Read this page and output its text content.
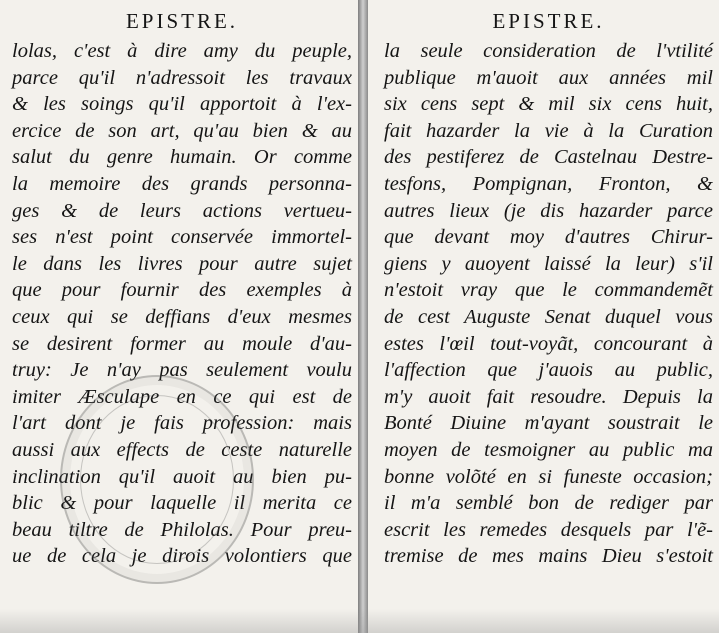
EPISTRE.
lolas, c'est à dire amy du peuple,
parce qu'il n'adressoit les travaux
& les soings qu'il apportoit à l'ex-
ercice de son art, qu'au bien & au
salut du genre humain. Or comme
la memoire des grands personna-
ges & de leurs actions vertueu-
ses n'est point conservée immortel-
le dans les livres pour autre sujet
que pour fournir des exemples à
ceux qui se deffians d'eux mesmes
se desirent former au moule d'au-
truy: Je n'ay pas seulement voulu
imiter Æsculape en ce qui est de
l'art dont je fais profession: mais
aussi aux effects de ceste naturelle
inclination qu'il auoit au bien pu-
blic & pour laquelle il merita ce
beau tiltre de Philolas. Pour preu-
ue de cela je dirois volontiers que
EPISTRE.
la seule consideration de l'vtilité
publique m'auoit aux années mil
six cens sept & mil six cens huit,
fait hazarder la vie à la Curation
des pestiferez de Castelnau Destre-
tesfons, Pompignan, Fronton, &
autres lieux (je dis hazarder parce
que devant moy d'autres Chirur-
giens y auoyent laissé la leur) s'il
n'estoit vray que le commandemẽt
de cest Auguste Senat duquel vous
estes l'œil tout-voyãt, concourant à
l'affection que j'auois au public,
m'y auoit fait resoudre. Depuis la
Bonté Diuine m'ayant soustrait le
moyen de tesmoigner au public ma
bonne volõté en si funeste occasion;
il m'a semblé bon de rediger par
escrit les remedes desquels par l'ẽ-
tremise de mes mains Dieu s'estoit
